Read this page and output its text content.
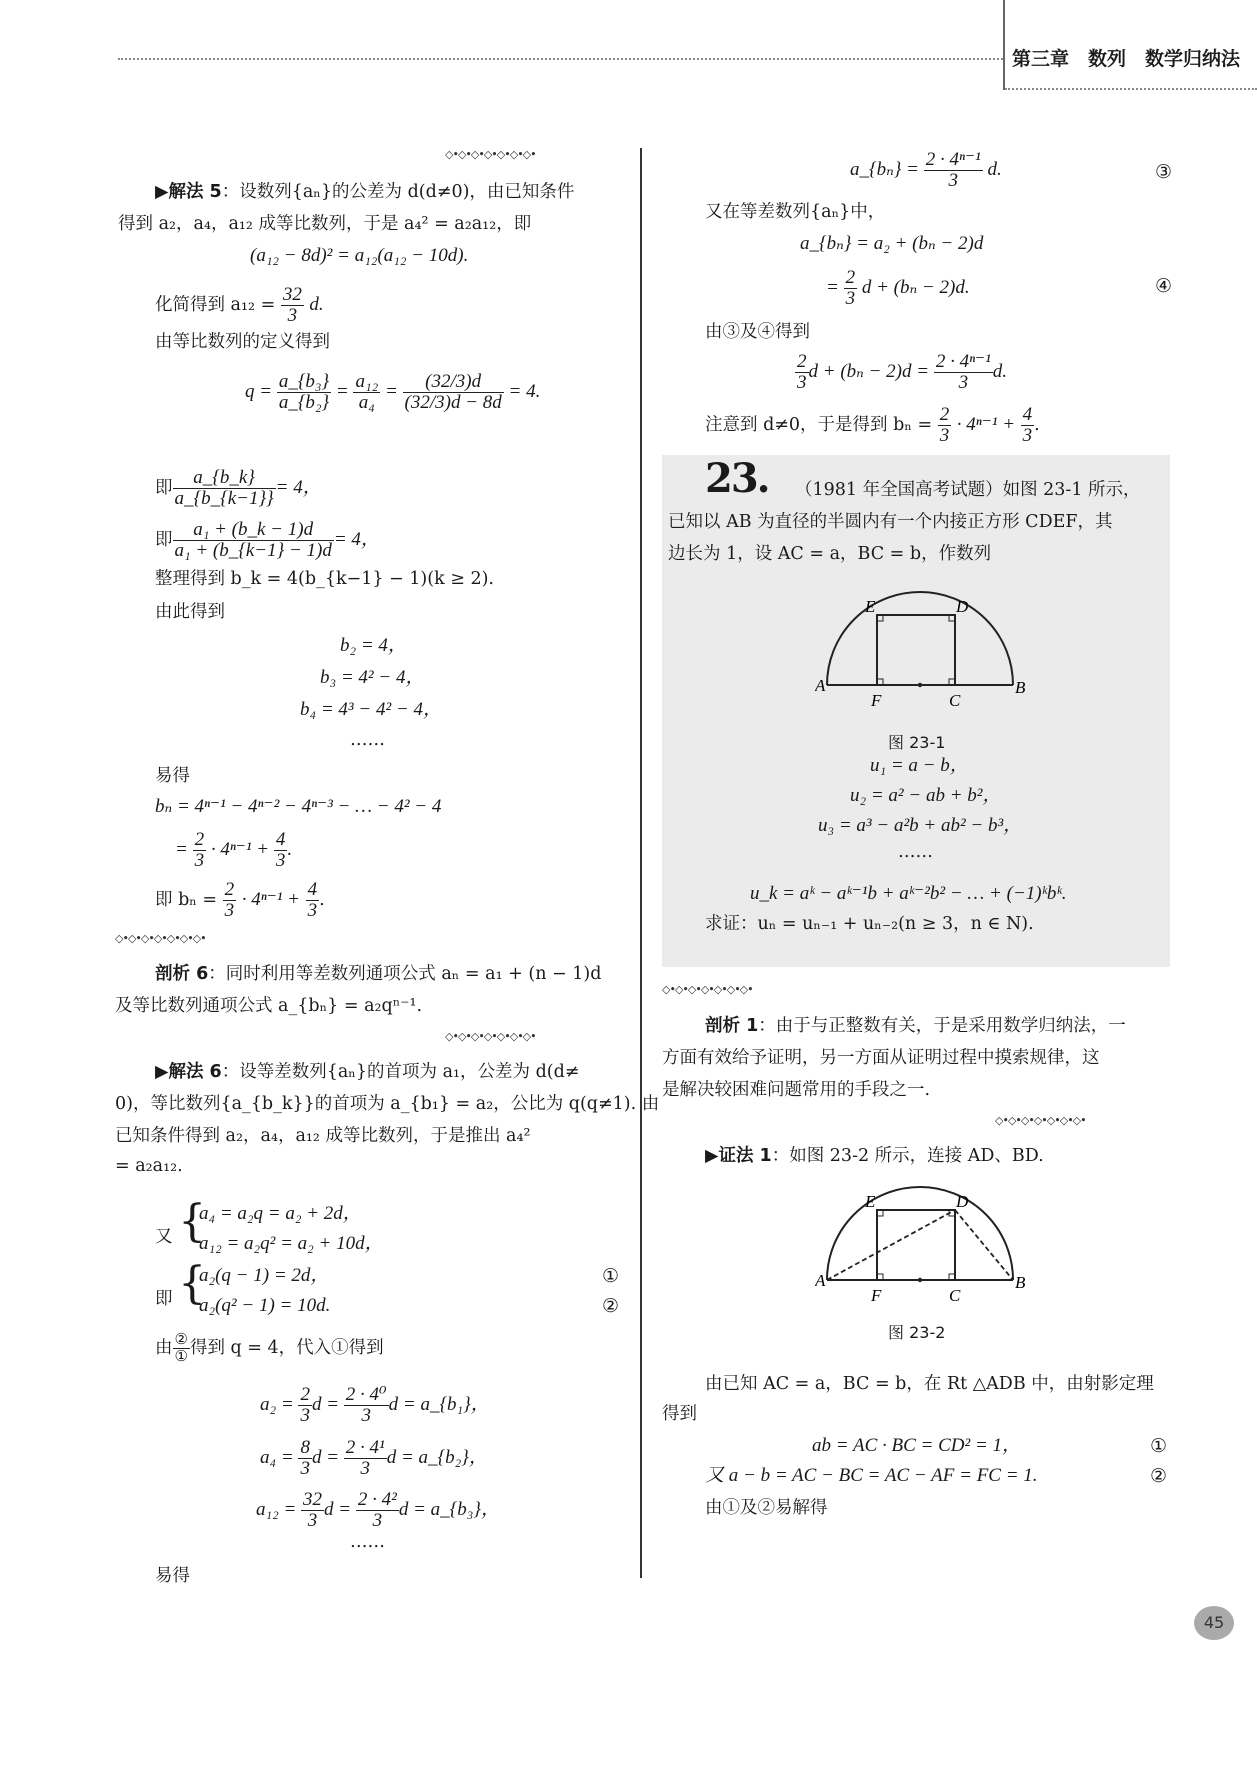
第三章　数列　数学归纳法
◇•◇•◇•◇•◇•◇•◇•
▶解法 5：设数列{aₙ}的公差为 d(d≠0)，由已知条件
得到 a₂，a₄，a₁₂ 成等比数列，于是 a₄² = a₂a₁₂，即
(a₁₂ − 8d)² = a₁₂(a₁₂ − 10d).
化简得到 $a_{12} = \frac{32}{3} d$.
由等比数列的定义得到
$q = \frac{\text{a\_\{b₃\}}}{\text{a\_\{b₂\}}} = \frac{\text{a₁₂}}{\text{a₄}} = \frac{(32/3)d}{(32/3)d - 8d} = 4$.
即 $\frac{a\_\{b\_k\}}{a\_\{b\_\{k-1\}\}} = 4$，
即 $\frac{\text{a₁ + (b\_k − 1)d}}{\text{a₁ + (b\_\{k−1\} − 1)d}} = 4$，
整理得到 b_k = 4(b_{k−1} − 1)(k ≥ 2).
由此得到
b₂ = 4，
b₃ = 4² − 4，
b₄ = 4³ − 4² − 4，
……
易得
bₙ = 4ⁿ⁻¹ − 4ⁿ⁻² − 4ⁿ⁻³ − … − 4² − 4
= $\frac{2}{3} \cdot 4^{n-1} + \frac{4}{3}$ .
即 $b_n = \frac{2}{3} \cdot 4^{n-1} + \frac{4}{3}$ .
◇•◇•◇•◇•◇•◇•◇•
剖析 6：同时利用等差数列通项公式 aₙ = a₁ + (n − 1)d
及等比数列通项公式 a_{bₙ} = a₂qⁿ⁻¹.
◇•◇•◇•◇•◇•◇•◇•
▶解法 6：设等差数列{aₙ}的首项为 a₁，公差为 d(d≠
0)，等比数列{a_{b_k}}的首项为 a_{b₁} = a₂，公比为 q(q≠1). 由
已知条件得到 a₂，a₄，a₁₂ 成等比数列，于是推出 a₄²
= a₂a₁₂.
又 {
a₄ = a₂q = a₂ + 2d，
a₁₂ = a₂q² = a₂ + 10d，
即 {
a₂(q − 1) = 2d，
a₂(q² − 1) = 10d.
①
②
由 $\frac{\text{②}}{\text{①}}$ 得到 q = 4，代入①得到
$a_2 = \frac{2}{3}$ $d = \frac{\text{2 · 4⁰}}{3}$ d = a_{b₁}，
$a_4 = \frac{8}{3}$ $d = \frac{\text{2 · 4¹}}{3}$ d = a_{b₂}，
$a_{12} = \frac{32}{3}$ $d = \frac{\text{2 · 4²}}{3}$ d = a_{b₃}，
……
易得
a_{bₙ} = $\frac{\text{2 · 4ⁿ⁻¹}}{3} d$.	③
又在等差数列{aₙ}中，
a_{bₙ} = a₂ + (bₙ − 2)d
= $\frac{2}{3}$ d + (bₙ − 2)d.	④
由③及④得到
$\frac{2}{3}$ $d + (b_n - 2)d = \frac{\text{2 · 4ⁿ⁻¹}}{3} d$.
注意到 d≠0，于是得到 $b_n = \frac{2}{3} \cdot 4^{n-1} + \frac{4}{3}$ .
23. （1981 年全国高考试题）如图 23-1 所示，
已知以 AB 为直径的半圆内有一个内接正方形 CDEF，其
边长为 1，设 AC = a，BC = b，作数列
A	B
C
D
E
F
图 23-1
u₁ = a − b，
u₂ = a² − ab + b²，
u₃ = a³ − a²b + ab² − b³，
……
u_k = aᵏ − aᵏ⁻¹b + aᵏ⁻²b² − … + (−1)ᵏbᵏ.
求证：uₙ = uₙ₋₁ + uₙ₋₂(n ≥ 3，n ∈ N).
◇•◇•◇•◇•◇•◇•◇•
剖析 1：由于与正整数有关，于是采用数学归纳法，一
方面有效给予证明，另一方面从证明过程中摸索规律，这
是解决较困难问题常用的手段之一.
◇•◇•◇•◇•◇•◇•◇•
▶证法 1：如图 23-2 所示，连接 AD、BD.
A	B
C
D
E
F
图 23-2
由已知 AC = a，BC = b，在 Rt △ADB 中，由射影定理
得到
ab = AC · BC = CD² = 1，	①
又 a − b = AC − BC = AC − AF = FC = 1.	②
由①及②易解得
45
